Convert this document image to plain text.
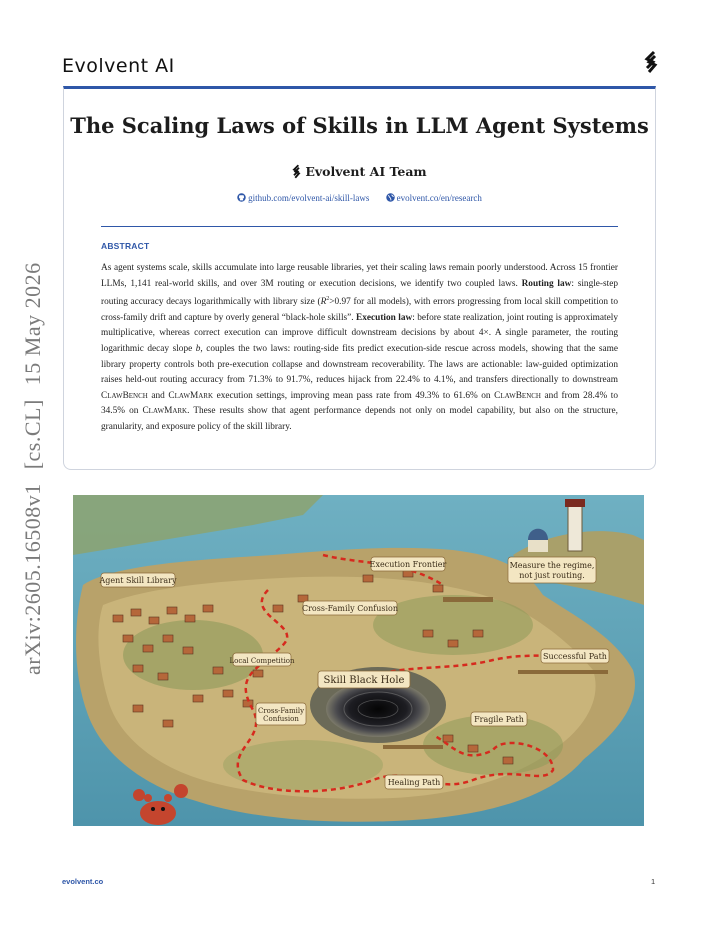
Evolvent AI
arXiv:2605.16508v1[cs.CL]15 May 2026
The Scaling Laws of Skills in LLM Agent Systems
Evolvent AI Team
github.com/evolvent-ai/skill-laws	evolvent.co/en/research
ABSTRACT
As agent systems scale, skills accumulate into large reusable libraries, yet their scaling laws remain poorly understood. Across 15 frontier LLMs, 1,141 real-world skills, and over 3M routing or execution decisions, we identify two coupled laws. Routing law: single-step routing accuracy decays logarithmically with library size ($R^2>0.97$ for all models), with errors progressing from local skill competition to cross-family drift and capture by overly general “black-hole skills”. Execution law: before state realization, joint routing is approximately multiplicative, whereas correct execution can improve difficult downstream decisions by about 4×. A single parameter, the routing logarithmic decay slope b, couples the two laws: routing-side fits predict execution-side rescue across models, showing that the same library property controls both pre-execution collapse and downstream recoverability. The laws are actionable: law-guided optimization raises held-out routing accuracy from 71.3% to 91.7%, reduces hijack from 22.4% to 4.1%, and transfers directionally to downstream ClawBench and ClawMark execution settings, improving mean pass rate from 49.3% to 61.6% on ClawBench and from 28.4% to 34.5% on ClawMark. These results show that agent performance depends not only on model capability, but also on the structure, granularity, and exposure policy of the skill library.
Agent Skill Library
Execution Frontier	Measure the regime,
not just routing.
Cross-Family Confusion
Local Competition
Skill Black Hole
Successful Path
Cross-Family
Confusion	Fragile Path
Healing Path
evolvent.co	1
